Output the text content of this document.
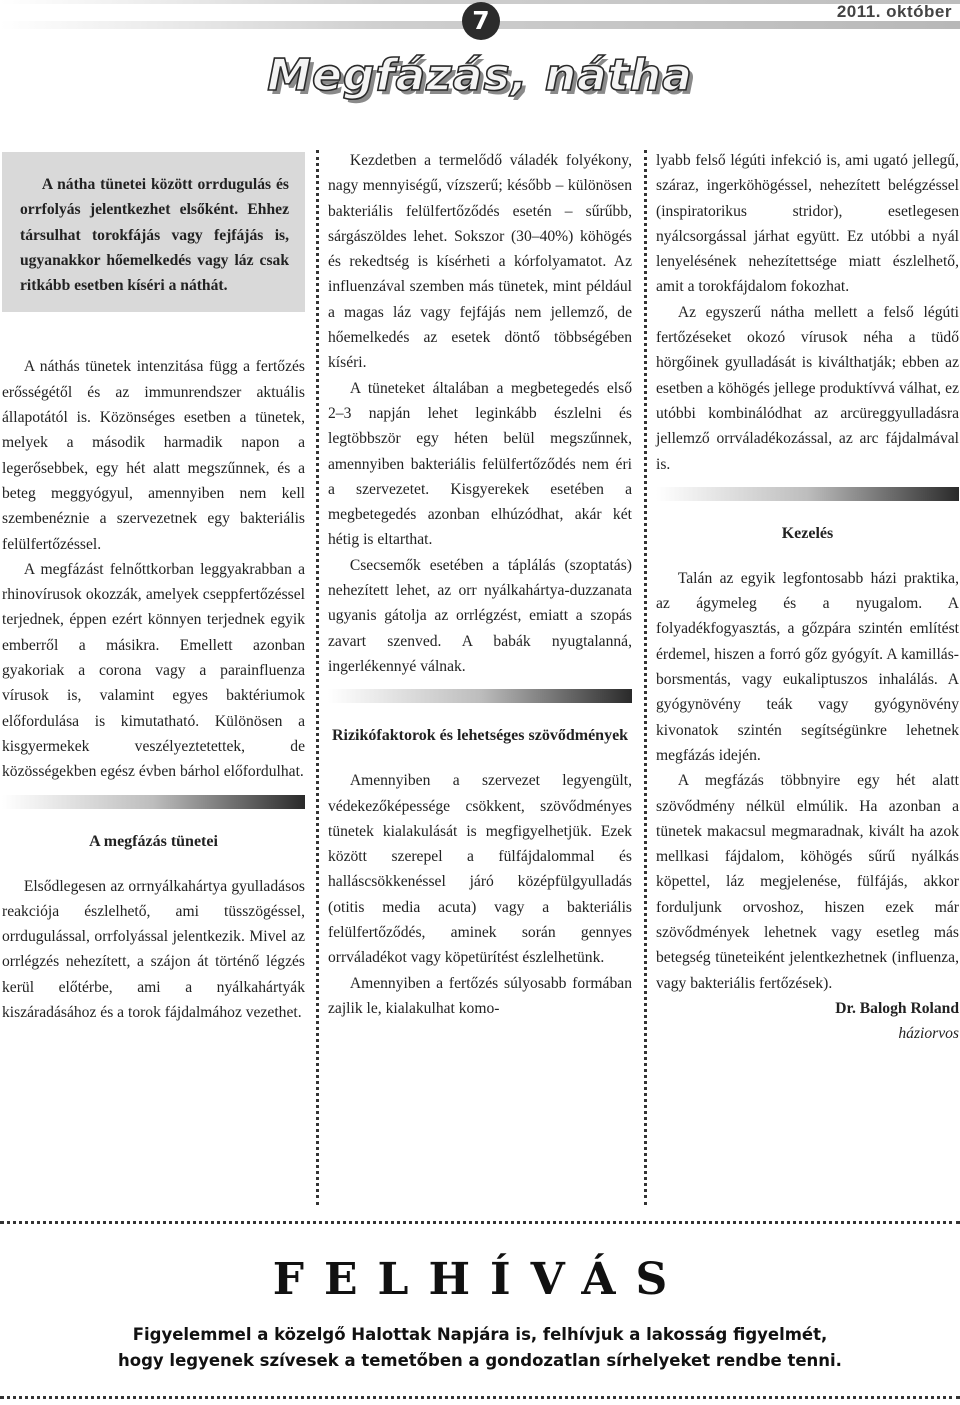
7	2011. október
Megfázás, nátha

A nátha tünetei között orrdugulás és orrfolyás jelentkezhet elsőként. Ehhez társulhat torokfájás vagy fejfájás is, ugyanakkor hőemelkedés vagy láz csak ritkább esetben kíséri a náthát.

A náthás tünetek intenzitása függ a fertőzés erősségétől és az immunrendszer aktuális állapotától is. Közönséges esetben a tünetek, melyek a második harmadik napon a legerősebbek, egy hét alatt megszűnnek, és a beteg meggyógyul, amennyiben nem kell szembenéznie a szervezetnek egy bakteriális felülfertőzéssel.

A megfázást felnőttkorban leggyakrabban a rhinovírusok okozzák, amelyek cseppfertőzéssel terjednek, éppen ezért könnyen terjednek egyik emberről a másikra. Emellett azonban gyakoriak a corona vagy a parainfluenza vírusok is, valamint egyes baktériumok előfordulása is kimutatható. Különösen a kisgyermekek veszélyeztetettek, de közösségekben egész évben bárhol előfordulhat.

A megfázás tünetei

Elsődlegesen az orrnyálkahártya gyulladásos reakciója észlelhető, ami tüsszögéssel, orrdugulással, orrfolyással jelentkezik. Mivel az orrlégzés nehezített, a szájon át történő légzés kerül előtérbe, ami a nyálkahártyák kiszáradásához és a torok fájdalmához vezethet.

Kezdetben a termelődő váladék folyékony, nagy mennyiségű, vízszerű; később – különösen bakteriális felülfertőződés esetén – sűrűbb, sárgászöldes lehet. Sokszor (30–40%) köhögés és rekedtség is kísérheti a kórfolyamatot. Az influenzával szemben más tünetek, mint például a magas láz vagy fejfájás nem jellemző, de hőemelkedés az esetek döntő többségében kíséri.

A tüneteket általában a megbetegedés első 2–3 napján lehet leginkább észlelni és legtöbbször egy héten belül megszűnnek, amennyiben bakteriális felülfertőződés nem éri a szervezetet. Kisgyerekek esetében a megbetegedés azonban elhúzódhat, akár két hétig is eltarthat.

Csecsemők esetében a táplálás (szoptatás) nehezített lehet, az orr nyálkahártya-duzzanata ugyanis gátolja az orrlégzést, emiatt a szopás zavart szenved. A babák nyugtalanná, ingerlékennyé válnak.

Rizikófaktorok és lehetséges szövődmények

Amennyiben a szervezet legyengült, védekezőképessége csökkent, szövődményes tünetek kialakulását is megfigyelhetjük. Ezek között szerepel a fülfájdalommal és halláscsökkenéssel járó középfülgyulladás (otitis media acuta) vagy a bakteriális felülfertőződés, aminek során gennyes orrváladékot vagy köpetürítést észlelhetünk.

Amennyiben a fertőzés súlyosabb formában zajlik le, kialakulhat komo-

lyabb felső légúti infekció is, ami ugató jellegű, száraz, ingerköhögéssel, nehezített belégzéssel (inspiratorikus stridor), esetlegesen nyálcsorgással járhat együtt. Ez utóbbi a nyál lenyelésének nehezítettsége miatt észlelhető, amit a torokfájdalom fokozhat.

Az egyszerű nátha mellett a felső légúti fertőzéseket okozó vírusok néha a tüdő hörgőinek gyulladását is kiválthatják; ebben az esetben a köhögés jellege produktívvá válhat, ez utóbbi kombinálódhat az arcüreggyulladásra jellemző orrváladékozással, az arc fájdalmával is.

Kezelés

Talán az egyik legfontosabb házi praktika, az ágymeleg és a nyugalom. A folyadékfogyasztás, a gőzpára szintén említést érdemel, hiszen a forró gőz gyógyít. A kamillás-borsmentás, vagy eukaliptuszos inhalálás. A gyógynövény teák vagy gyógynövény kivonatok szintén segítségünkre lehetnek megfázás idején.

A megfázás többnyire egy hét alatt szövődmény nélkül elmúlik. Ha azonban a tünetek makacsul megmaradnak, kivált ha azok mellkasi fájdalom, köhögés sűrű nyálkás köpettel, láz megjelenése, fülfájás, akkor forduljunk orvoshoz, hiszen ezek már szövődmények lehetnek vagy esetleg más betegség tüneteiként jelentkezhetnek (influenza, vagy bakteriális fertőzések).

Dr. Balogh Roland
háziorvos

FELHÍVÁS
Figyelemmel a közelgő Halottak Napjára is, felhívjuk a lakosság figyelmét,
hogy legyenek szívesek a temetőben a gondozatlan sírhelyeket rendbe tenni.
